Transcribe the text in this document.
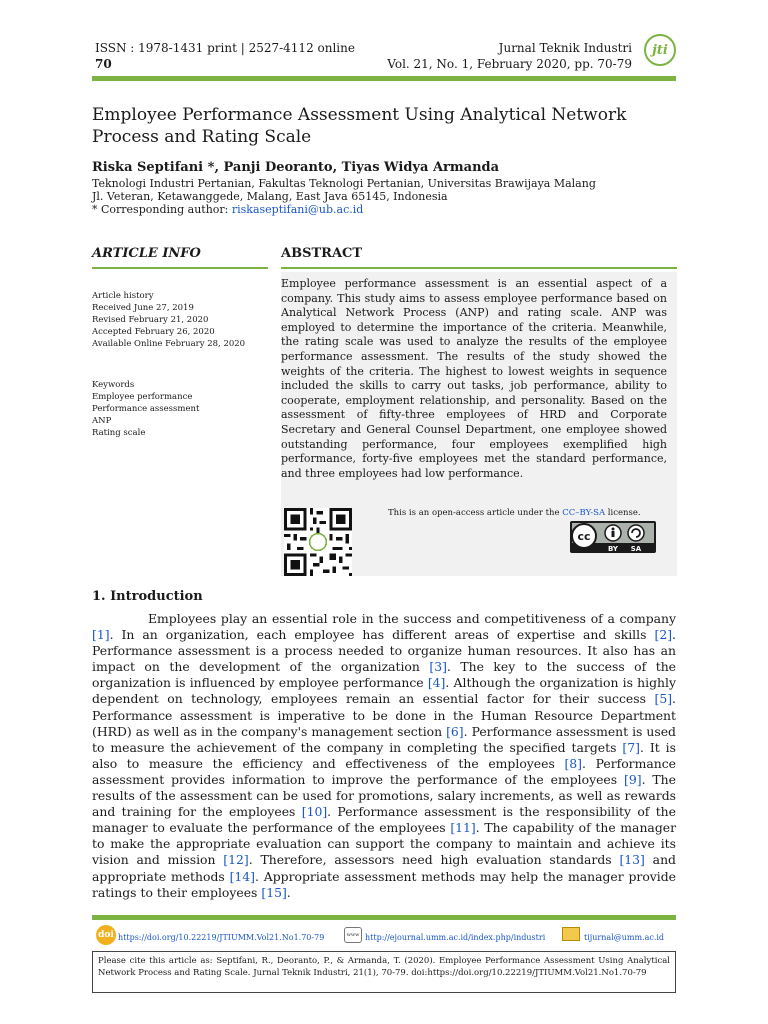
ISSN : 1978-1431 print | 2527-4112 online
70
Jurnal Teknik Industri
Vol. 21, No. 1, February 2020, pp. 70-79
jti
Employee Performance Assessment Using Analytical Network Process and Rating Scale
Riska Septifani *, Panji Deoranto, Tiyas Widya Armanda
Teknologi Industri Pertanian, Fakultas Teknologi Pertanian, Universitas Brawijaya Malang
Jl. Veteran, Ketawanggede, Malang, East Java 65145, Indonesia
* Corresponding author: riskaseptifani@ub.ac.id
ARTICLE INFO
Article history
Received June 27, 2019
Revised February 21, 2020
Accepted February 26, 2020
Available Online February 28, 2020
Keywords
Employee performance
Performance assessment
ANP
Rating scale
ABSTRACT
Employee performance assessment is an essential aspect of a company. This study aims to assess employee performance based on Analytical Network Process (ANP) and rating scale. ANP was employed to determine the importance of the criteria. Meanwhile, the rating scale was used to analyze the results of the employee performance assessment. The results of the study showed the weights of the criteria. The highest to lowest weights in sequence included the skills to carry out tasks, job performance, ability to cooperate, employment relationship, and personality. Based on the assessment of fifty-three employees of HRD and Corporate Secretary and General Counsel Department, one employee showed outstanding performance, four employees exemplified high performance, forty-five employees met the standard performance, and three employees had low performance.
This is an open-access article under the CC–BY-SA license.
cc
BY SA
1. Introduction
Employees play an essential role in the success and competitiveness of a company [1]. In an organization, each employee has different areas of expertise and skills [2]. Performance assessment is a process needed to organize human resources. It also has an impact on the development of the organization [3]. The key to the success of the organization is influenced by employee performance [4]. Although the organization is highly dependent on technology, employees remain an essential factor for their success [5]. Performance assessment is imperative to be done in the Human Resource Department (HRD) as well as in the company's management section [6]. Performance assessment is used to measure the achievement of the company in completing the specified targets [7]. It is also to measure the efficiency and effectiveness of the employees [8]. Performance assessment provides information to improve the performance of the employees [9]. The results of the assessment can be used for promotions, salary increments, as well as rewards and training for the employees [10]. Performance assessment is the responsibility of the manager to evaluate the performance of the employees [11]. The capability of the manager to make the appropriate evaluation can support the company to maintain and achieve its vision and mission [12]. Therefore, assessors need high evaluation standards [13] and appropriate methods [14]. Appropriate assessment methods may help the manager provide ratings to their employees [15].
doi https://doi.org/10.22219/JTIUMM.Vol21.No1.70-79	www http://ejournal.umm.ac.id/index.php/industri	tijurnal@umm.ac.id
Please cite this article as: Septifani, R., Deoranto, P., & Armanda, T. (2020). Employee Performance Assessment Using Analytical Network Process and Rating Scale. Jurnal Teknik Industri, 21(1), 70-79. doi:https://doi.org/10.22219/JTIUMM.Vol21.No1.70-79
